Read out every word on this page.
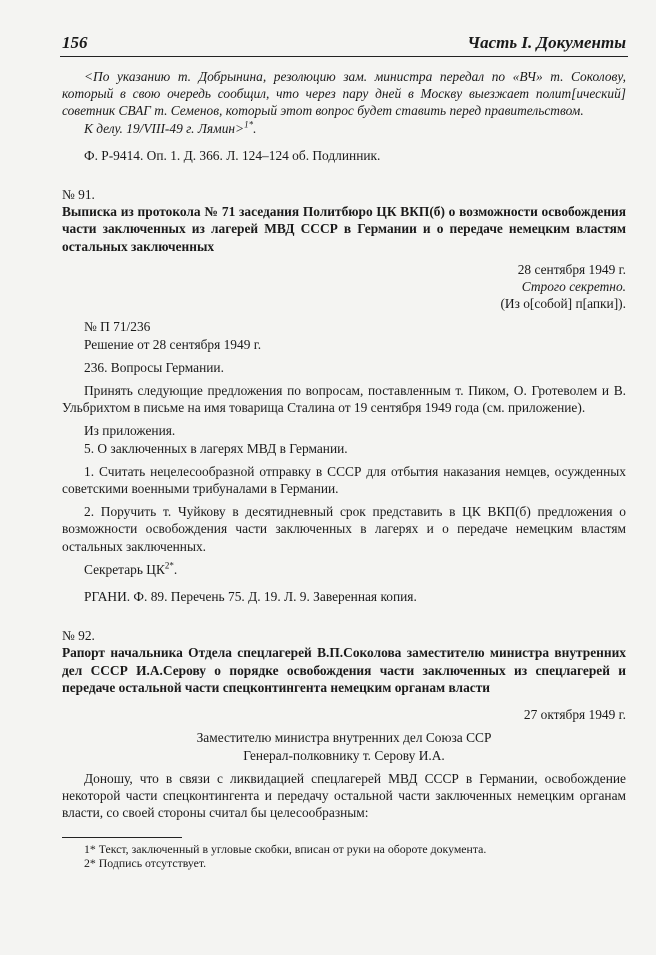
156	Часть I. Документы

<По указанию т. Добрынина, резолюцию зам. министра передал по «ВЧ» т. Соколову, который в свою очередь сообщил, что через пару дней в Москву выезжает полит[ический] советник СВАГ т. Семенов, который этот вопрос будет ставить перед правительством.

К делу. 19/VIII-49 г. Лямин>$^{1*}$.

Ф. Р-9414. Оп. 1. Д. 366. Л. 124–124 об. Подлинник.

№ 91.

Выписка из протокола № 71 заседания Политбюро ЦК ВКП(б) о возможности освобождения части заключенных из лагерей МВД СССР в Германии и о передаче немецким властям остальных заключенных

28 сентября 1949 г.

Строго секретно.

(Из о[собой] п[апки]).

№ П 71/236

Решение от 28 сентября 1949 г.

236. Вопросы Германии.

Принять следующие предложения по вопросам, поставленным т. Пиком, О. Гротеволем и В. Ульбрихтом в письме на имя товарища Сталина от 19 сентября 1949 года (см. приложение).

Из приложения.

5. О заключенных в лагерях МВД в Германии.

1. Считать нецелесообразной отправку в СССР для отбытия наказания немцев, осужденных советскими военными трибуналами в Германии.

2. Поручить т. Чуйкову в десятидневный срок представить в ЦК ВКП(б) предложения о возможности освобождения части заключенных в лагерях и о передаче немецким властям остальных заключенных.

Секретарь $ЦК^{2*}$.

РГАНИ. Ф. 89. Перечень 75. Д. 19. Л. 9. Заверенная копия.

№ 92.

Рапорт начальника Отдела спецлагерей В.П.Соколова заместителю министра внутренних дел СССР И.А.Серову о порядке освобождения части заключенных из спецлагерей и передаче остальной части спецконтингента немецким органам власти

27 октября 1949 г.

Заместителю министра внутренних дел Союза ССР

Генерал-полковнику т. Серову И.А.

Доношу, что в связи с ликвидацией спецлагерей МВД СССР в Германии, освобождение некоторой части спецконтингента и передачу остальной части заключенных немецким органам власти, со своей стороны считал бы целесообразным:

1* Текст, заключенный в угловые скобки, вписан от руки на обороте документа.

2* Подпись отсутствует.
